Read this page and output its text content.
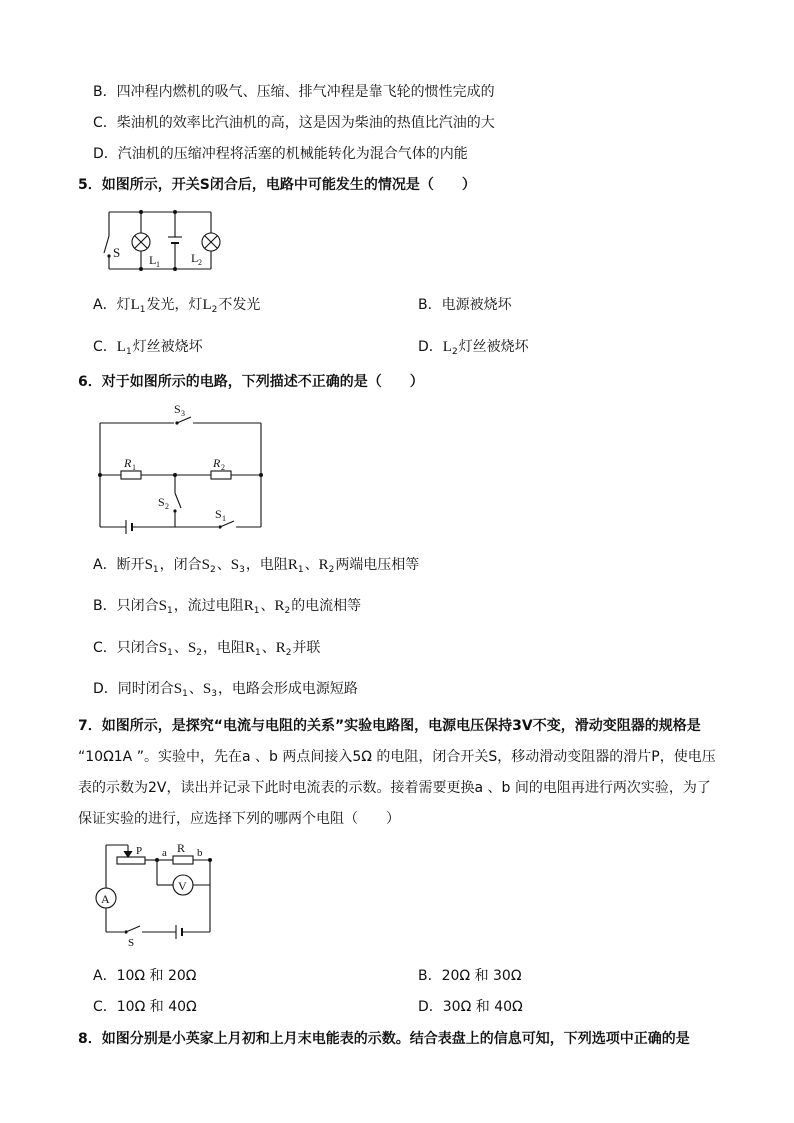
B．四冲程内燃机的吸气、压缩、排气冲程是靠飞轮的惯性完成的
C．柴油机的效率比汽油机的高，这是因为柴油的热值比汽油的大
D．汽油机的压缩冲程将活塞的机械能转化为混合气体的内能
5．如图所示，开关S闭合后，电路中可能发生的情况是（　　）
S L 1	L 2
A．灯$L_1$发光，灯$L_2$不发光	B．电源被烧坏
C．$L_1$灯丝被烧坏	D．$L_2$灯丝被烧坏
6．对于如图所示的电路，下列描述不正确的是（　　）
S 3
R 1	R 2
S 2
S 1
A．断开$S_1$，闭合$S_2$、$S_3$，电阻$R_1$、$R_2$两端电压相等
B．只闭合$S_1$，流过电阻$R_1$、$R_2$的电流相等
C．只闭合$S_1$、$S_2$，电阻$R_1$、$R_2$并联
D．同时闭合$S_1$、$S_3$，电路会形成电源短路
7．如图所示，是探究“电流与电阻的关系”实验电路图，电源电压保持3V不变，滑动变阻器的规格是
“10Ω1A ”。实验中，先在a 、b 两点间接入5Ω 的电阻，闭合开关S，移动滑动变阻器的滑片P，使电压
表的示数为2V，读出并记录下此时电流表的示数。接着需要更换a 、b 间的电阻再进行两次实验，为了
保证实验的进行，应选择下列的哪两个电阻（　　）
P a R b
A
V
S
A．10Ω 和 20Ω	B．20Ω 和 30Ω
C．10Ω 和 40Ω	D．30Ω 和 40Ω
8．如图分别是小英家上月初和上月末电能表的示数。结合表盘上的信息可知，下列选项中正确的是
